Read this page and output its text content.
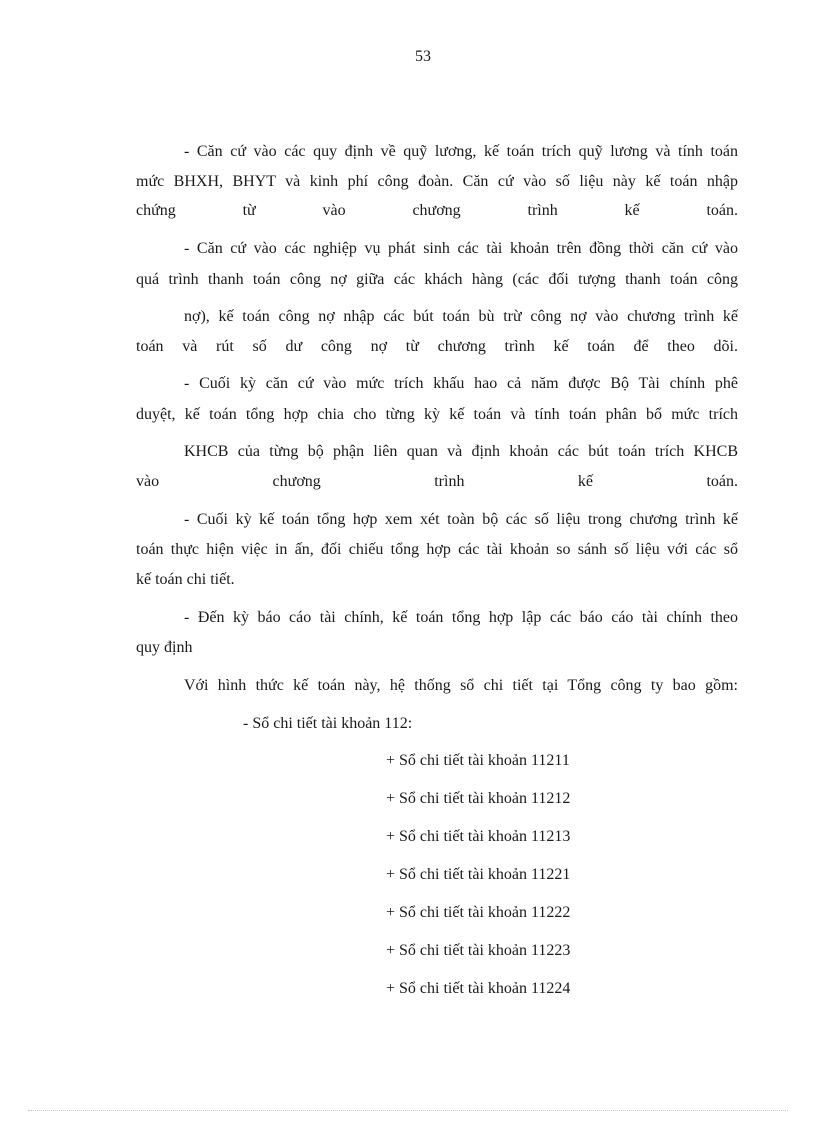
53
- Căn cứ vào các quy định về quỹ lương, kế toán trích quỹ lương và tính toán
mức BHXH, BHYT và kinh phí công đoàn. Căn cứ vào số liệu này kế toán nhập
chứng từ vào chương trình kế toán.
- Căn cứ vào các nghiệp vụ phát sinh các tài khoản trên đồng thời căn cứ vào
quá trình thanh toán công nợ giữa các khách hàng (các đối tượng thanh toán công
nợ), kế toán công nợ nhập các bút toán bù trừ công nợ vào chương trình kế
toán và rút số dư công nợ từ chương trình kế toán để theo dõi.
- Cuối kỳ căn cứ vào mức trích khấu hao cả năm được Bộ Tài chính phê
duyệt, kế toán tổng hợp chia cho từng kỳ kế toán và tính toán phân bổ mức trích
KHCB của từng bộ phận liên quan và định khoản các bút toán trích KHCB
vào chương trình kế toán.
- Cuối kỳ kế toán tổng hợp xem xét toàn bộ các số liệu trong chương trình kế
toán thực hiện việc in ấn, đối chiếu tổng hợp các tài khoản so sánh số liệu với các sổ
kế toán chi tiết.
- Đến kỳ báo cáo tài chính, kế toán tổng hợp lập các báo cáo tài chính theo
quy định
Với hình thức kế toán này, hệ thống sổ chi tiết tại Tổng công ty bao gồm:
- Sổ chi tiết tài khoản 112:
+ Sổ chi tiết tài khoản 11211
+ Sổ chi tiết tài khoản 11212
+ Sổ chi tiết tài khoản 11213
+ Sổ chi tiết tài khoản 11221
+ Sổ chi tiết tài khoản 11222
+ Sổ chi tiết tài khoản 11223
+ Sổ chi tiết tài khoản 11224
